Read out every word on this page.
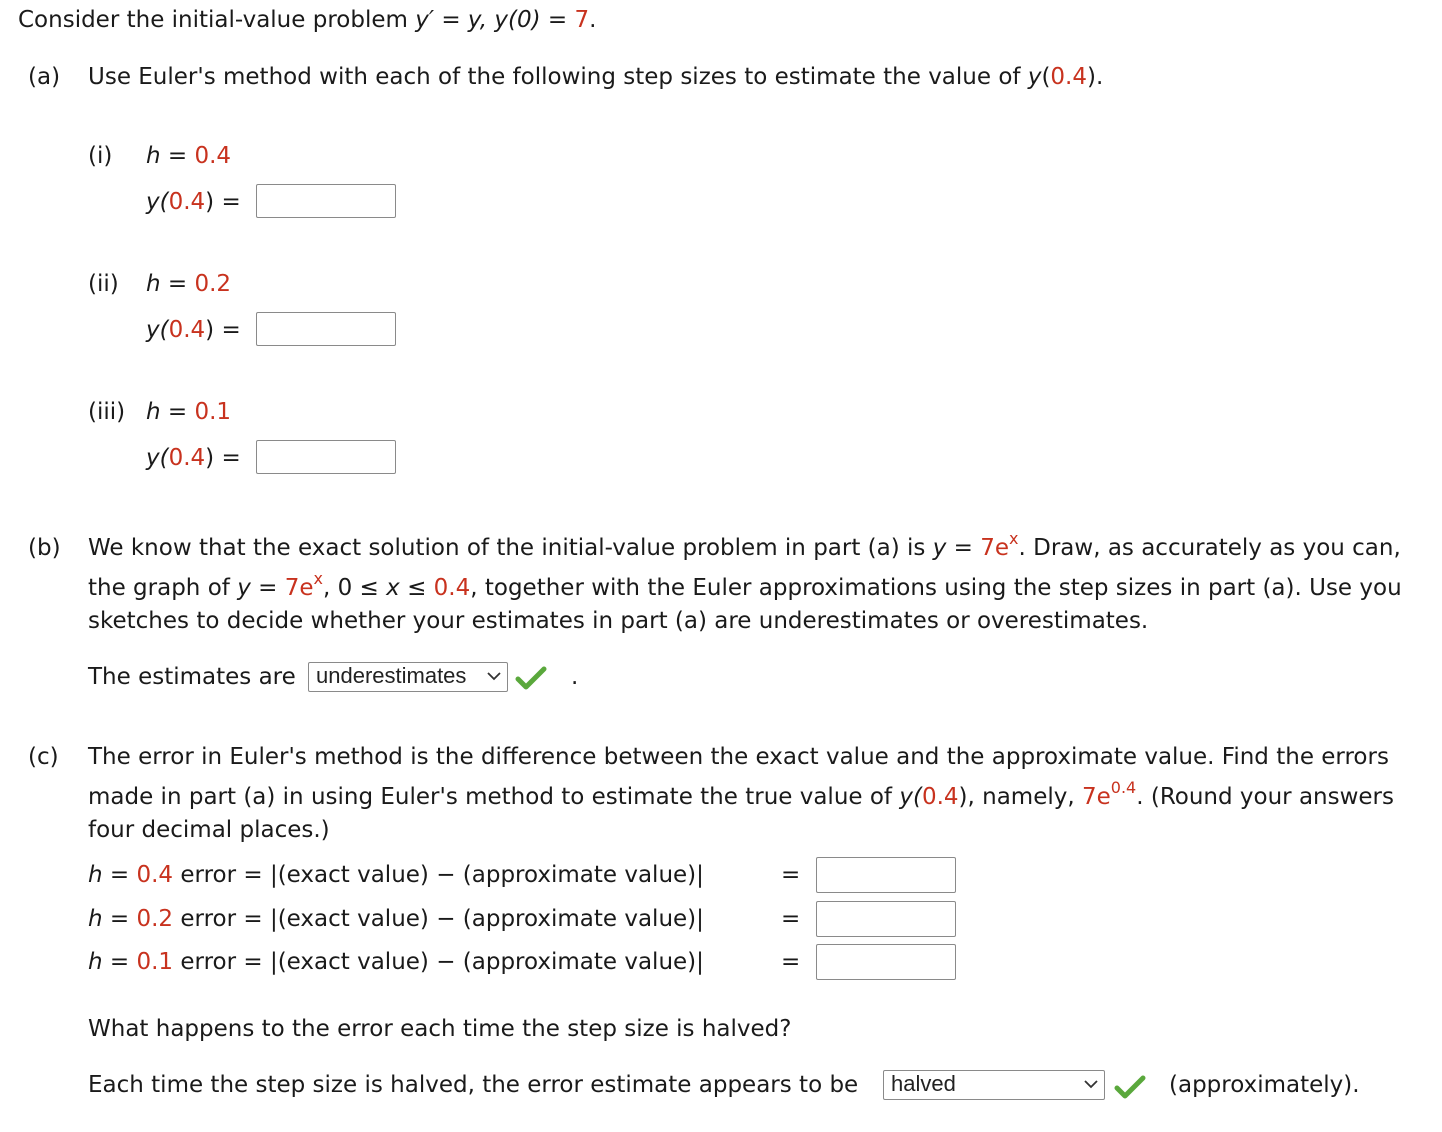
Consider the initial-value problem y′ = y, y(0) = 7.
(a) Use Euler's method with each of the following step sizes to estimate the value of y(0.4).
(i) h = 0.4
y(0.4) =
(ii) h = 0.2
y(0.4) =
(iii) h = 0.1
y(0.4) =
(b) We know that the exact solution of the initial-value problem in part (a) is $y = 7e^x$. Draw, as accurately as you can,
the graph of $y = 7e^x$, 0 ≤ x ≤ 0.4, together with the Euler approximations using the step sizes in part (a). Use you
sketches to decide whether your estimates in part (a) are underestimates or overestimates.
The estimates are underestimates	.
(c) The error in Euler's method is the difference between the exact value and the approximate value. Find the errors
made in part (a) in using Euler's method to estimate the true value of y(0.4), namely, $7e^{0.4}$. (Round your answers
four decimal places.)
h = 0.4 error = |(exact value) − (approximate value)|	=
h = 0.2 error = |(exact value) − (approximate value)|	=
h = 0.1 error = |(exact value) − (approximate value)|	=
What happens to the error each time the step size is halved?
Each time the step size is halved, the error estimate appears to be	halved	(approximately).
